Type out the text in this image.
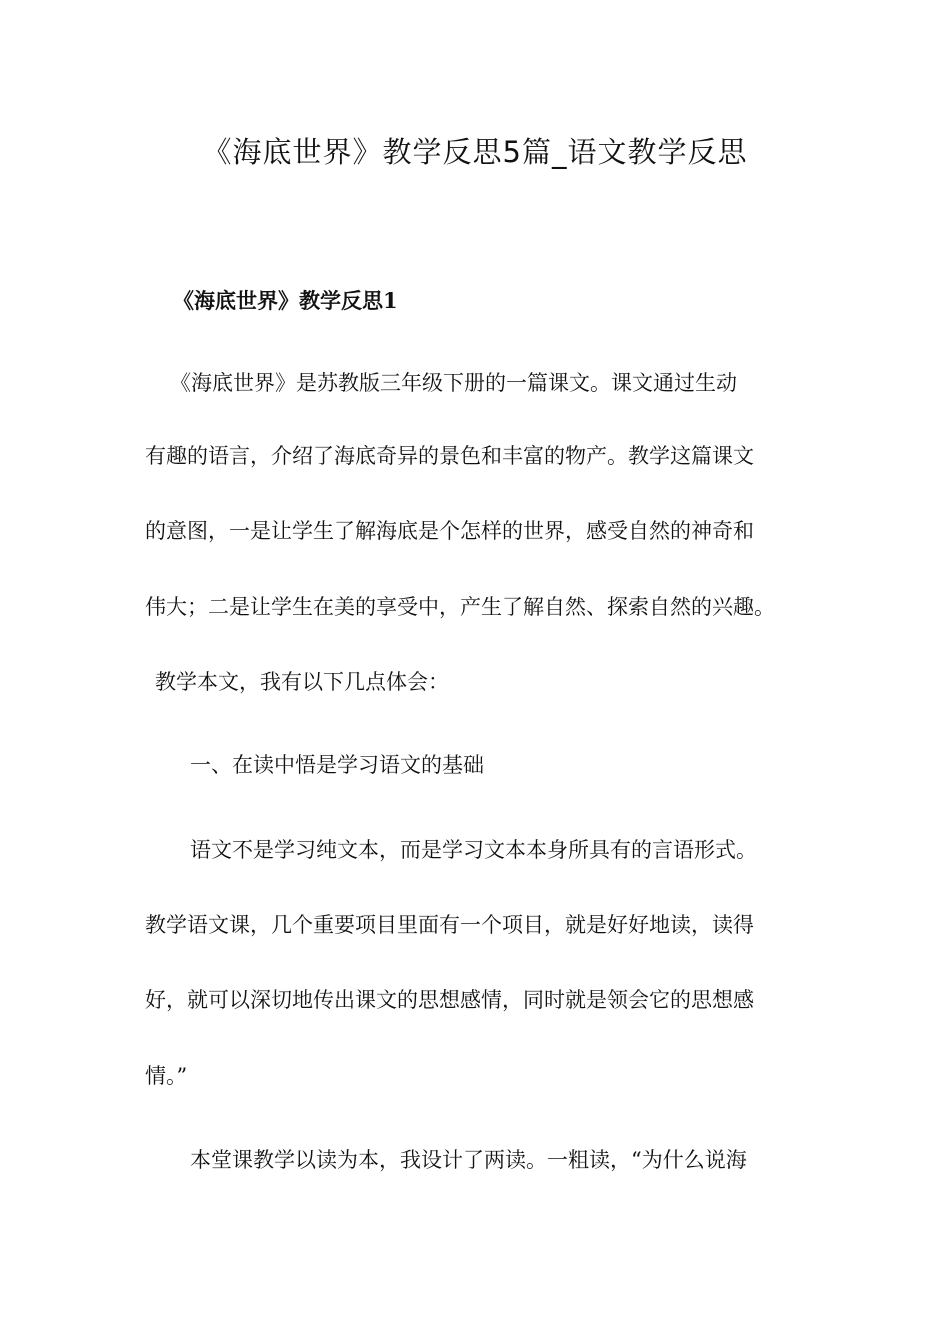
《海底世界》教学反思5篇_语文教学反思
《海底世界》教学反思1
《海底世界》是苏教版三年级下册的一篇课文。课文通过生动
有趣的语言，介绍了海底奇异的景色和丰富的物产。教学这篇课文
的意图，一是让学生了解海底是个怎样的世界，感受自然的神奇和
伟大；二是让学生在美的享受中，产生了解自然、探索自然的兴趣。
教学本文，我有以下几点体会：
一、在读中悟是学习语文的基础
语文不是学习纯文本，而是学习文本本身所具有的言语形式。
教学语文课，几个重要项目里面有一个项目，就是好好地读，读得
好，就可以深切地传出课文的思想感情，同时就是领会它的思想感
情。”
本堂课教学以读为本，我设计了两读。一粗读，“为什么说海
